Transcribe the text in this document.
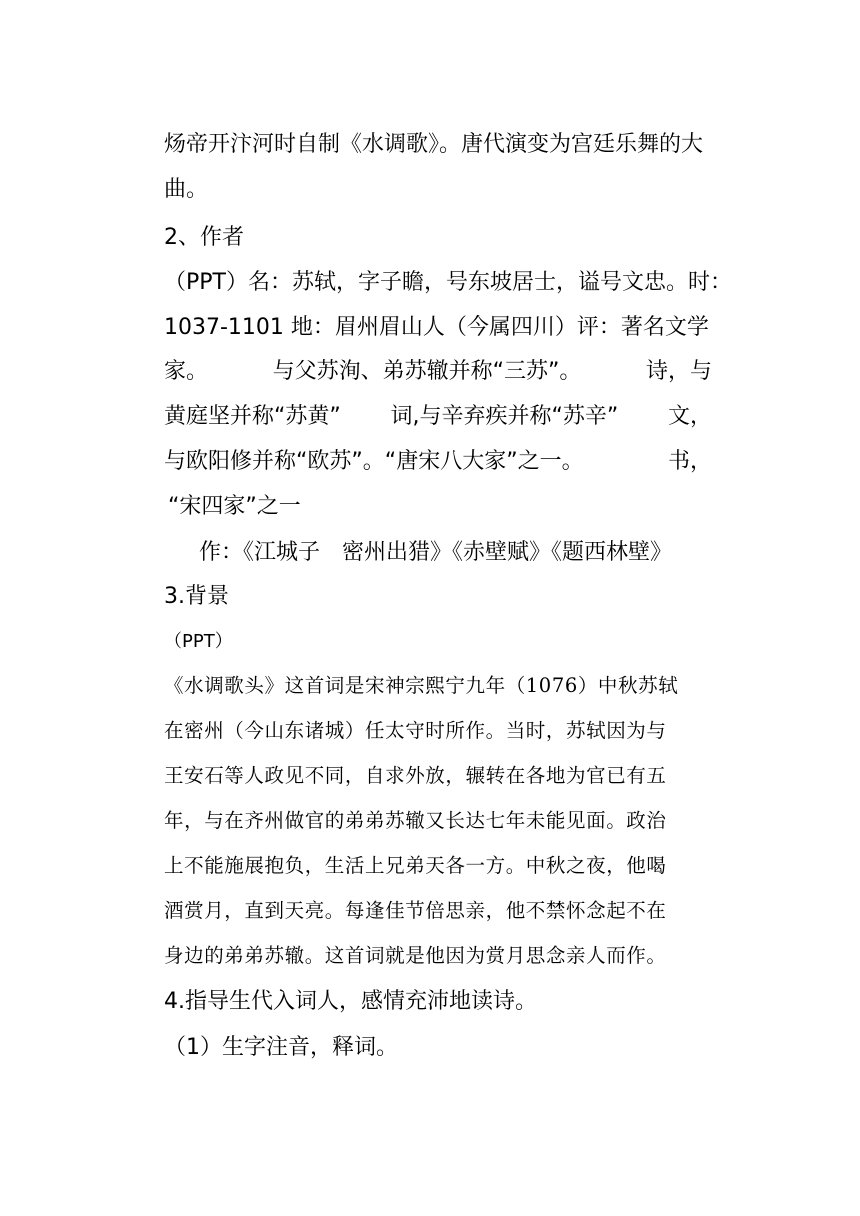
炀帝开汴河时自制《水调歌》。唐代演变为宫廷乐舞的大
曲。
2、作者
（PPT）名：苏轼，字子瞻，号东坡居士，谥号文忠。时：
1037-1101 地：眉州眉山人（今属四川）评：著名文学
家。	与父苏洵、弟苏辙并称“三苏”。	诗，与
黄庭坚并称“苏黄” 词,与辛弃疾并称“苏辛” 文，
与欧阳修并称“欧苏”。“唐宋八大家”之一。	书，
“宋四家”之一
作：《江城子　密州出猎》《赤壁赋》《题西林壁》
3.背景
（PPT）
《水调歌头》这首词是宋神宗熙宁九年（1076）中秋苏轼
在密州（今山东诸城）任太守时所作。当时，苏轼因为与
王安石等人政见不同，自求外放，辗转在各地为官已有五
年，与在齐州做官的弟弟苏辙又长达七年未能见面。政治
上不能施展抱负，生活上兄弟天各一方。中秋之夜，他喝
酒赏月，直到天亮。每逢佳节倍思亲，他不禁怀念起不在
身边的弟弟苏辙。这首词就是他因为赏月思念亲人而作。
4.指导生代入词人，感情充沛地读诗。
（1）生字注音，释词。
